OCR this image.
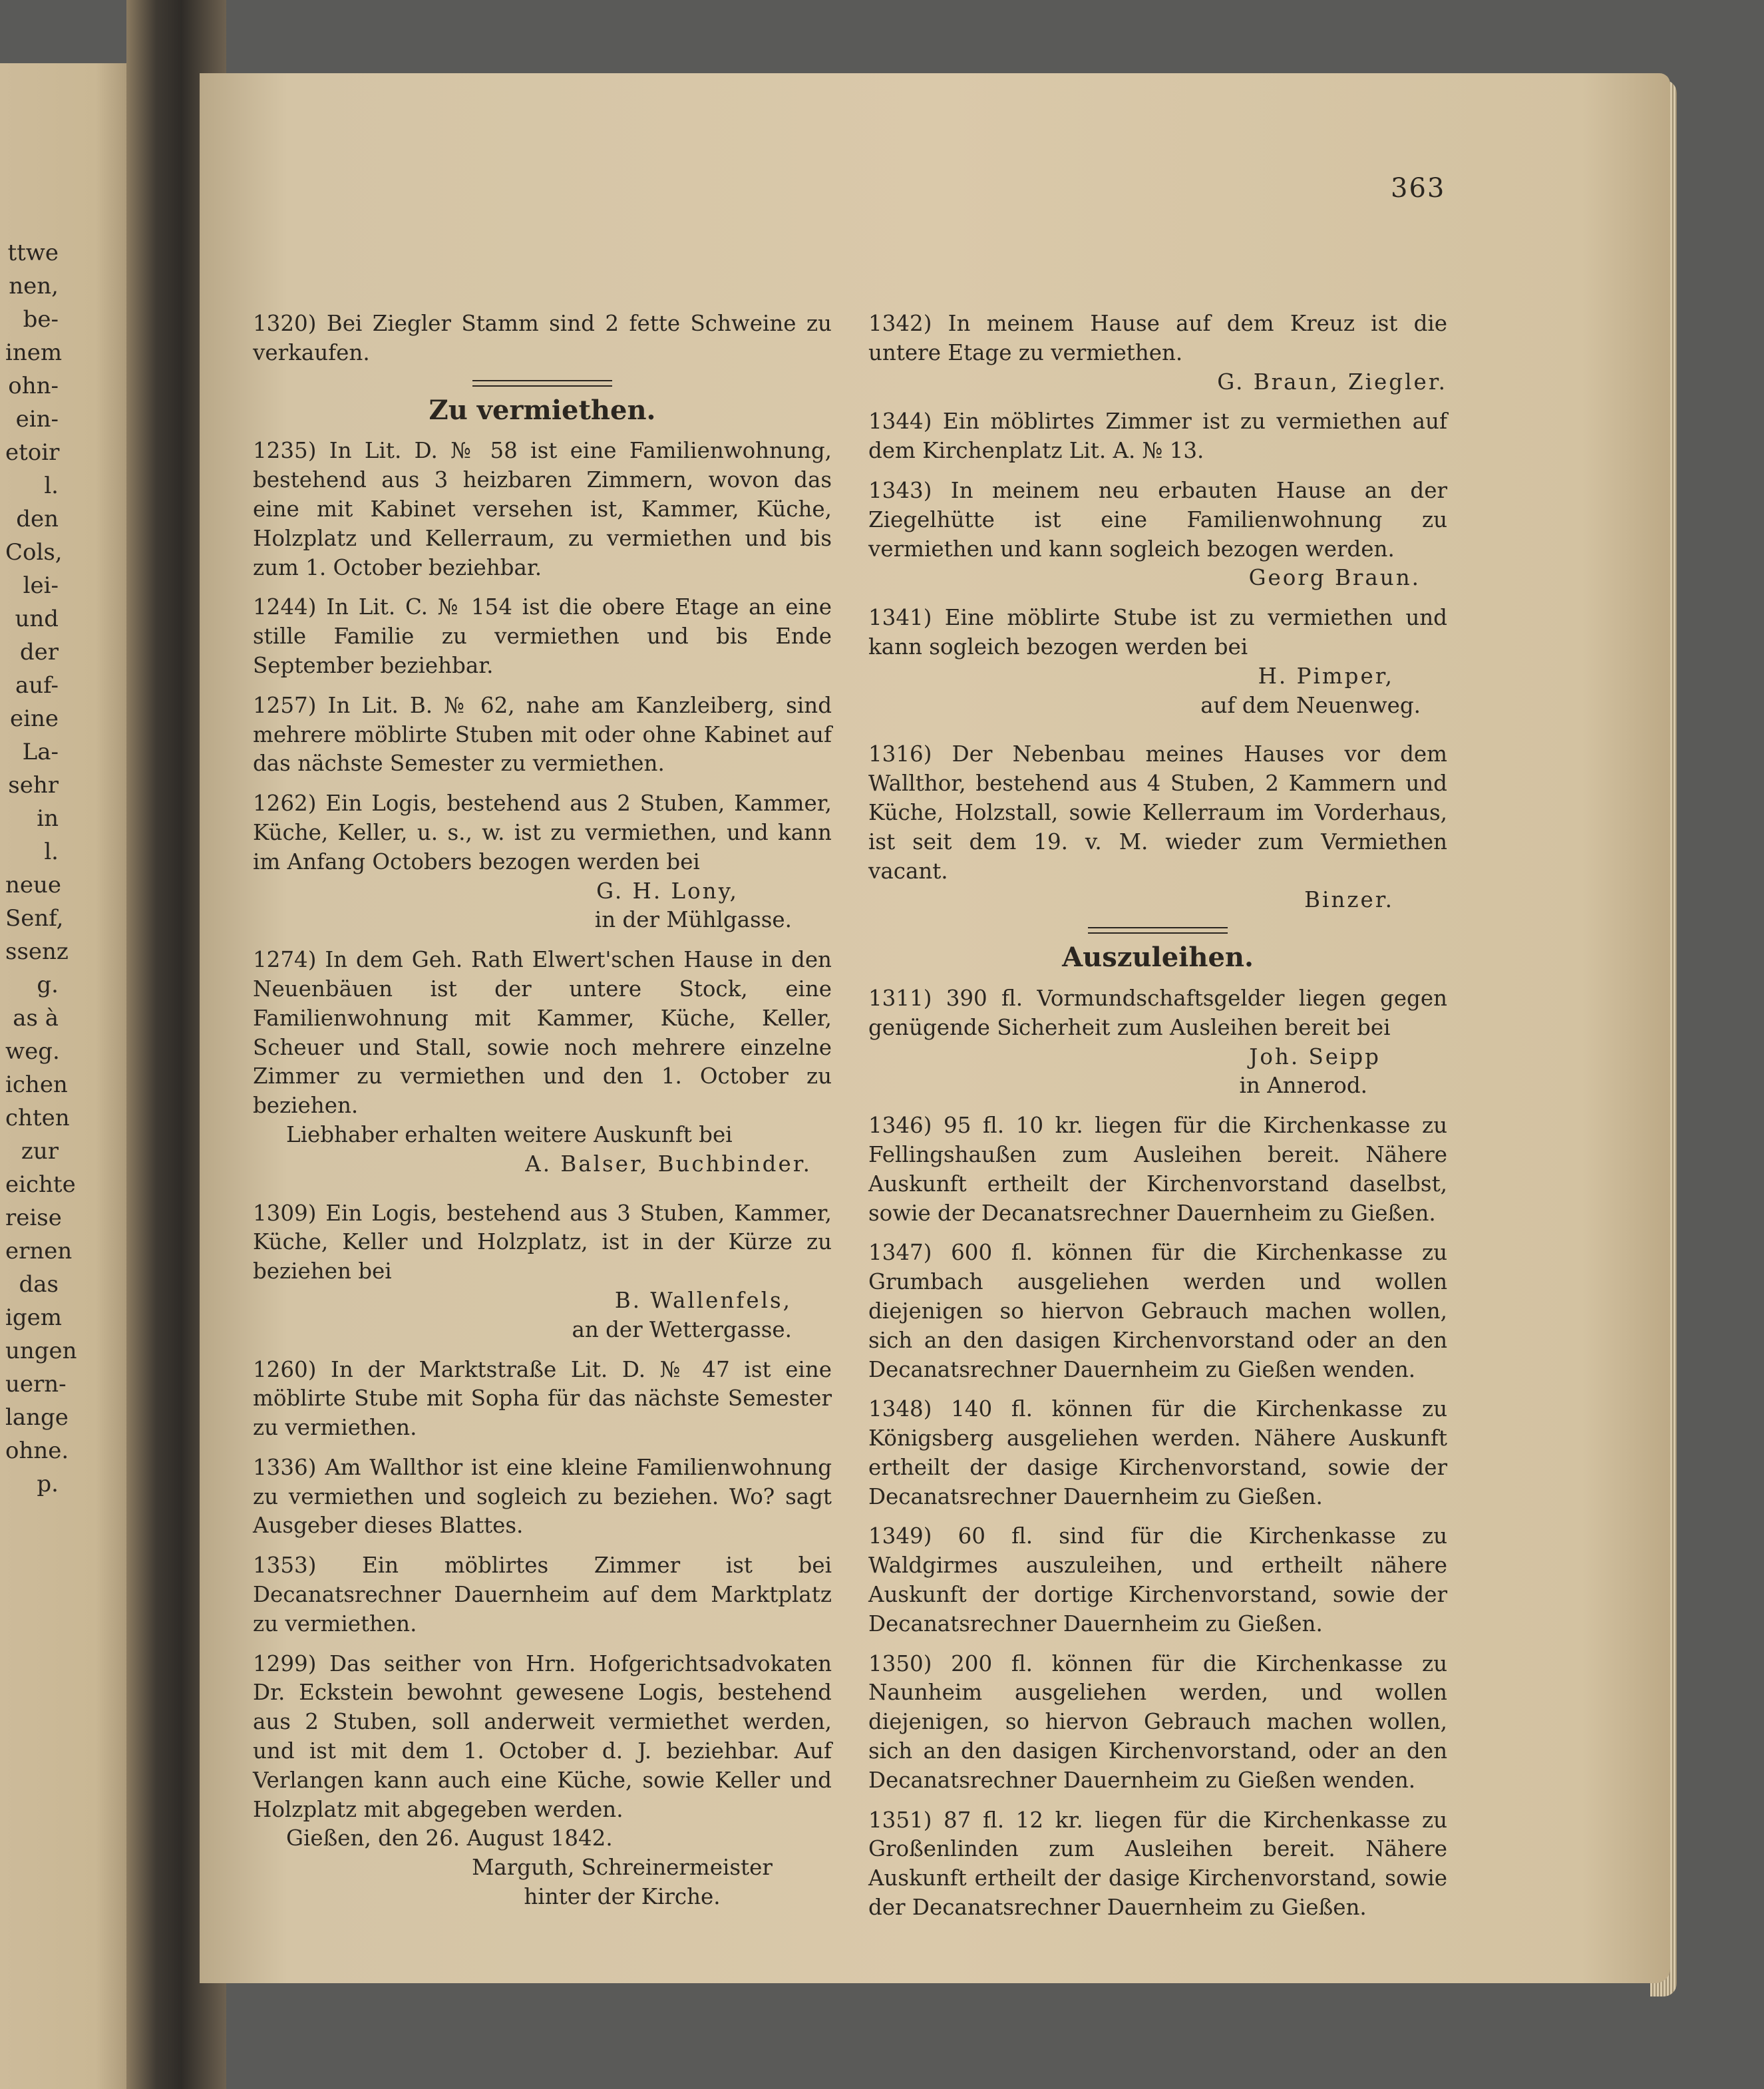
ttwe
nen,
be-
inem
ohn-
ein-
etoir
l.
den
Cols,
lei-
und
der
auf-
eine
La-
sehr
in
l.
neue
Senf,
ssenz
g.
as à
weg.
ichen
chten
zur
eichte
reise
ernen
das
igem
ungen
uern-
lange
ohne.
p.
363

1320) Bei Ziegler Stamm sind 2 fette Schweine zu verkaufen.

Zu vermiethen.

1235) In Lit. D. № 58 ist eine Familienwohnung, bestehend aus 3 heizbaren Zimmern, wovon das eine mit Kabinet versehen ist, Kammer, Küche, Holzplatz und Kellerraum, zu vermiethen und bis zum 1. October beziehbar.

1244) In Lit. C. № 154 ist die obere Etage an eine stille Familie zu vermiethen und bis Ende September beziehbar.

1257) In Lit. B. № 62, nahe am Kanzleiberg, sind mehrere möblirte Stuben mit oder ohne Kabinet auf das nächste Semester zu vermiethen.

1262) Ein Logis, bestehend aus 2 Stuben, Kammer, Küche, Keller, u. s., w. ist zu vermiethen, und kann im Anfang Octobers bezogen werden bei

G. H. Lony,

in der Mühlgasse.

1274) In dem Geh. Rath Elwert'schen Hause in den Neuenbäuen ist der untere Stock, eine Familienwohnung mit Kammer, Küche, Keller, Scheuer und Stall, sowie noch mehrere einzelne Zimmer zu vermiethen und den 1. October zu beziehen.

Liebhaber erhalten weitere Auskunft bei

A. Balser, Buchbinder.

1309) Ein Logis, bestehend aus 3 Stuben, Kammer, Küche, Keller und Holzplatz, ist in der Kürze zu beziehen bei

B. Wallenfels,

an der Wettergasse.

1260) In der Marktstraße Lit. D. № 47 ist eine möblirte Stube mit Sopha für das nächste Semester zu vermiethen.

1336) Am Wallthor ist eine kleine Familienwohnung zu vermiethen und sogleich zu beziehen. Wo? sagt Ausgeber dieses Blattes.

1353) Ein möblirtes Zimmer ist bei Decanatsrechner Dauernheim auf dem Marktplatz zu vermiethen.

1299) Das seither von Hrn. Hofgerichtsadvokaten Dr. Eckstein bewohnt gewesene Logis, bestehend aus 2 Stuben, soll anderweit vermiethet werden, und ist mit dem 1. October d. J. beziehbar. Auf Verlangen kann auch eine Küche, sowie Keller und Holzplatz mit abgegeben werden.

Gießen, den 26. August 1842.

Marguth, Schreinermeister

hinter der Kirche.

1342) In meinem Hause auf dem Kreuz ist die untere Etage zu vermiethen.

G. Braun, Ziegler.

1344) Ein möblirtes Zimmer ist zu vermiethen auf dem Kirchenplatz Lit. A. № 13.

1343) In meinem neu erbauten Hause an der Ziegelhütte ist eine Familienwohnung zu vermiethen und kann sogleich bezogen werden.

Georg Braun.

1341) Eine möblirte Stube ist zu vermiethen und kann sogleich bezogen werden bei

H. Pimper,

auf dem Neuenweg.

1316) Der Nebenbau meines Hauses vor dem Wallthor, bestehend aus 4 Stuben, 2 Kammern und Küche, Holzstall, sowie Kellerraum im Vorderhaus, ist seit dem 19. v. M. wieder zum Vermiethen vacant.

Binzer.

Auszuleihen.

1311) 390 fl. Vormundschaftsgelder liegen gegen genügende Sicherheit zum Ausleihen bereit bei

Joh. Seipp

in Annerod.

1346) 95 fl. 10 kr. liegen für die Kirchenkasse zu Fellingshaußen zum Ausleihen bereit. Nähere Auskunft ertheilt der Kirchenvorstand daselbst, sowie der Decanatsrechner Dauernheim zu Gießen.

1347) 600 fl. können für die Kirchenkasse zu Grumbach ausgeliehen werden und wollen diejenigen so hiervon Gebrauch machen wollen, sich an den dasigen Kirchenvorstand oder an den Decanatsrechner Dauernheim zu Gießen wenden.

1348) 140 fl. können für die Kirchenkasse zu Königsberg ausgeliehen werden. Nähere Auskunft ertheilt der dasige Kirchenvorstand, sowie der Decanatsrechner Dauernheim zu Gießen.

1349) 60 fl. sind für die Kirchenkasse zu Waldgirmes auszuleihen, und ertheilt nähere Auskunft der dortige Kirchenvorstand, sowie der Decanatsrechner Dauernheim zu Gießen.

1350) 200 fl. können für die Kirchenkasse zu Naunheim ausgeliehen werden, und wollen diejenigen, so hiervon Gebrauch machen wollen, sich an den dasigen Kirchenvorstand, oder an den Decanatsrechner Dauernheim zu Gießen wenden.

1351) 87 fl. 12 kr. liegen für die Kirchenkasse zu Großenlinden zum Ausleihen bereit. Nähere Auskunft ertheilt der dasige Kirchenvorstand, sowie der Decanatsrechner Dauernheim zu Gießen.
